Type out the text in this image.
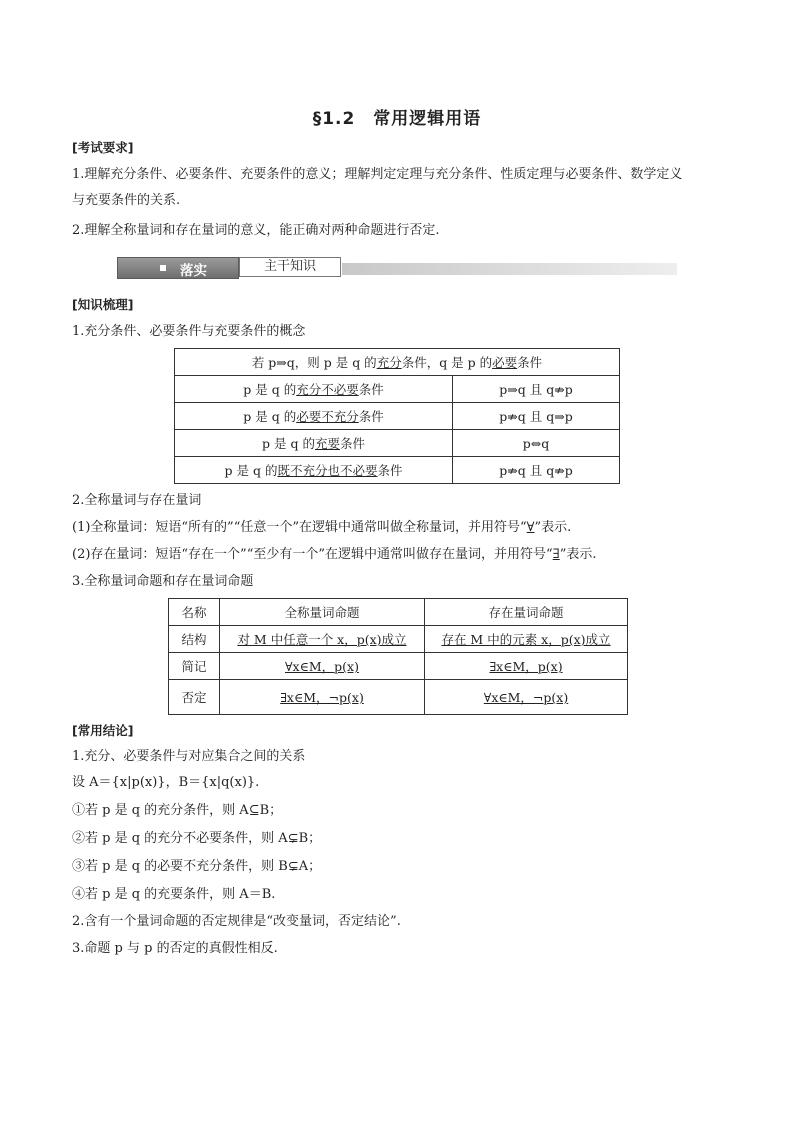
§1.2　常用逻辑用语
[考试要求]
1.理解充分条件、必要条件、充要条件的意义；理解判定定理与充分条件、性质定理与必要条件、数学定义
与充要条件的关系.
2.理解全称量词和存在量词的意义，能正确对两种命题进行否定.
落实	主干知识
[知识梳理]
1.充分条件、必要条件与充要条件的概念
若 p⇒q，则 p 是 q 的充分条件，q 是 p 的必要条件	
p 是 q 的充分不必要条件	p⇒q 且 q⇏p
p 是 q 的必要不充分条件	p⇏q 且 q⇒p
p 是 q 的充要条件	p⇔q
p 是 q 的既不充分也不必要条件	p⇏q 且 q⇏p
2.全称量词与存在量词
(1)全称量词：短语“所有的”“任意一个”在逻辑中通常叫做全称量词，并用符号“∀”表示.
(2)存在量词：短语“存在一个”“至少有一个”在逻辑中通常叫做存在量词，并用符号“∃”表示.
3.全称量词命题和存在量词命题
名称	全称量词命题	存在量词命题
结构	对 M 中任意一个 x，p(x)成立	存在 M 中的元素 x，p(x)成立
简记	∀x∈M，p(x)	∃x∈M，p(x)
否定	∃x∈M，¬p(x)	∀x∈M，¬p(x)
[常用结论]
1.充分、必要条件与对应集合之间的关系
设 A＝{x|p(x)}，B＝{x|q(x)}.
①若 p 是 q 的充分条件，则 A⊆B；
②若 p 是 q 的充分不必要条件，则 A⊊B；
③若 p 是 q 的必要不充分条件，则 B⊊A；
④若 p 是 q 的充要条件，则 A＝B.
2.含有一个量词命题的否定规律是“改变量词，否定结论”.
3.命题 p 与 p 的否定的真假性相反.
